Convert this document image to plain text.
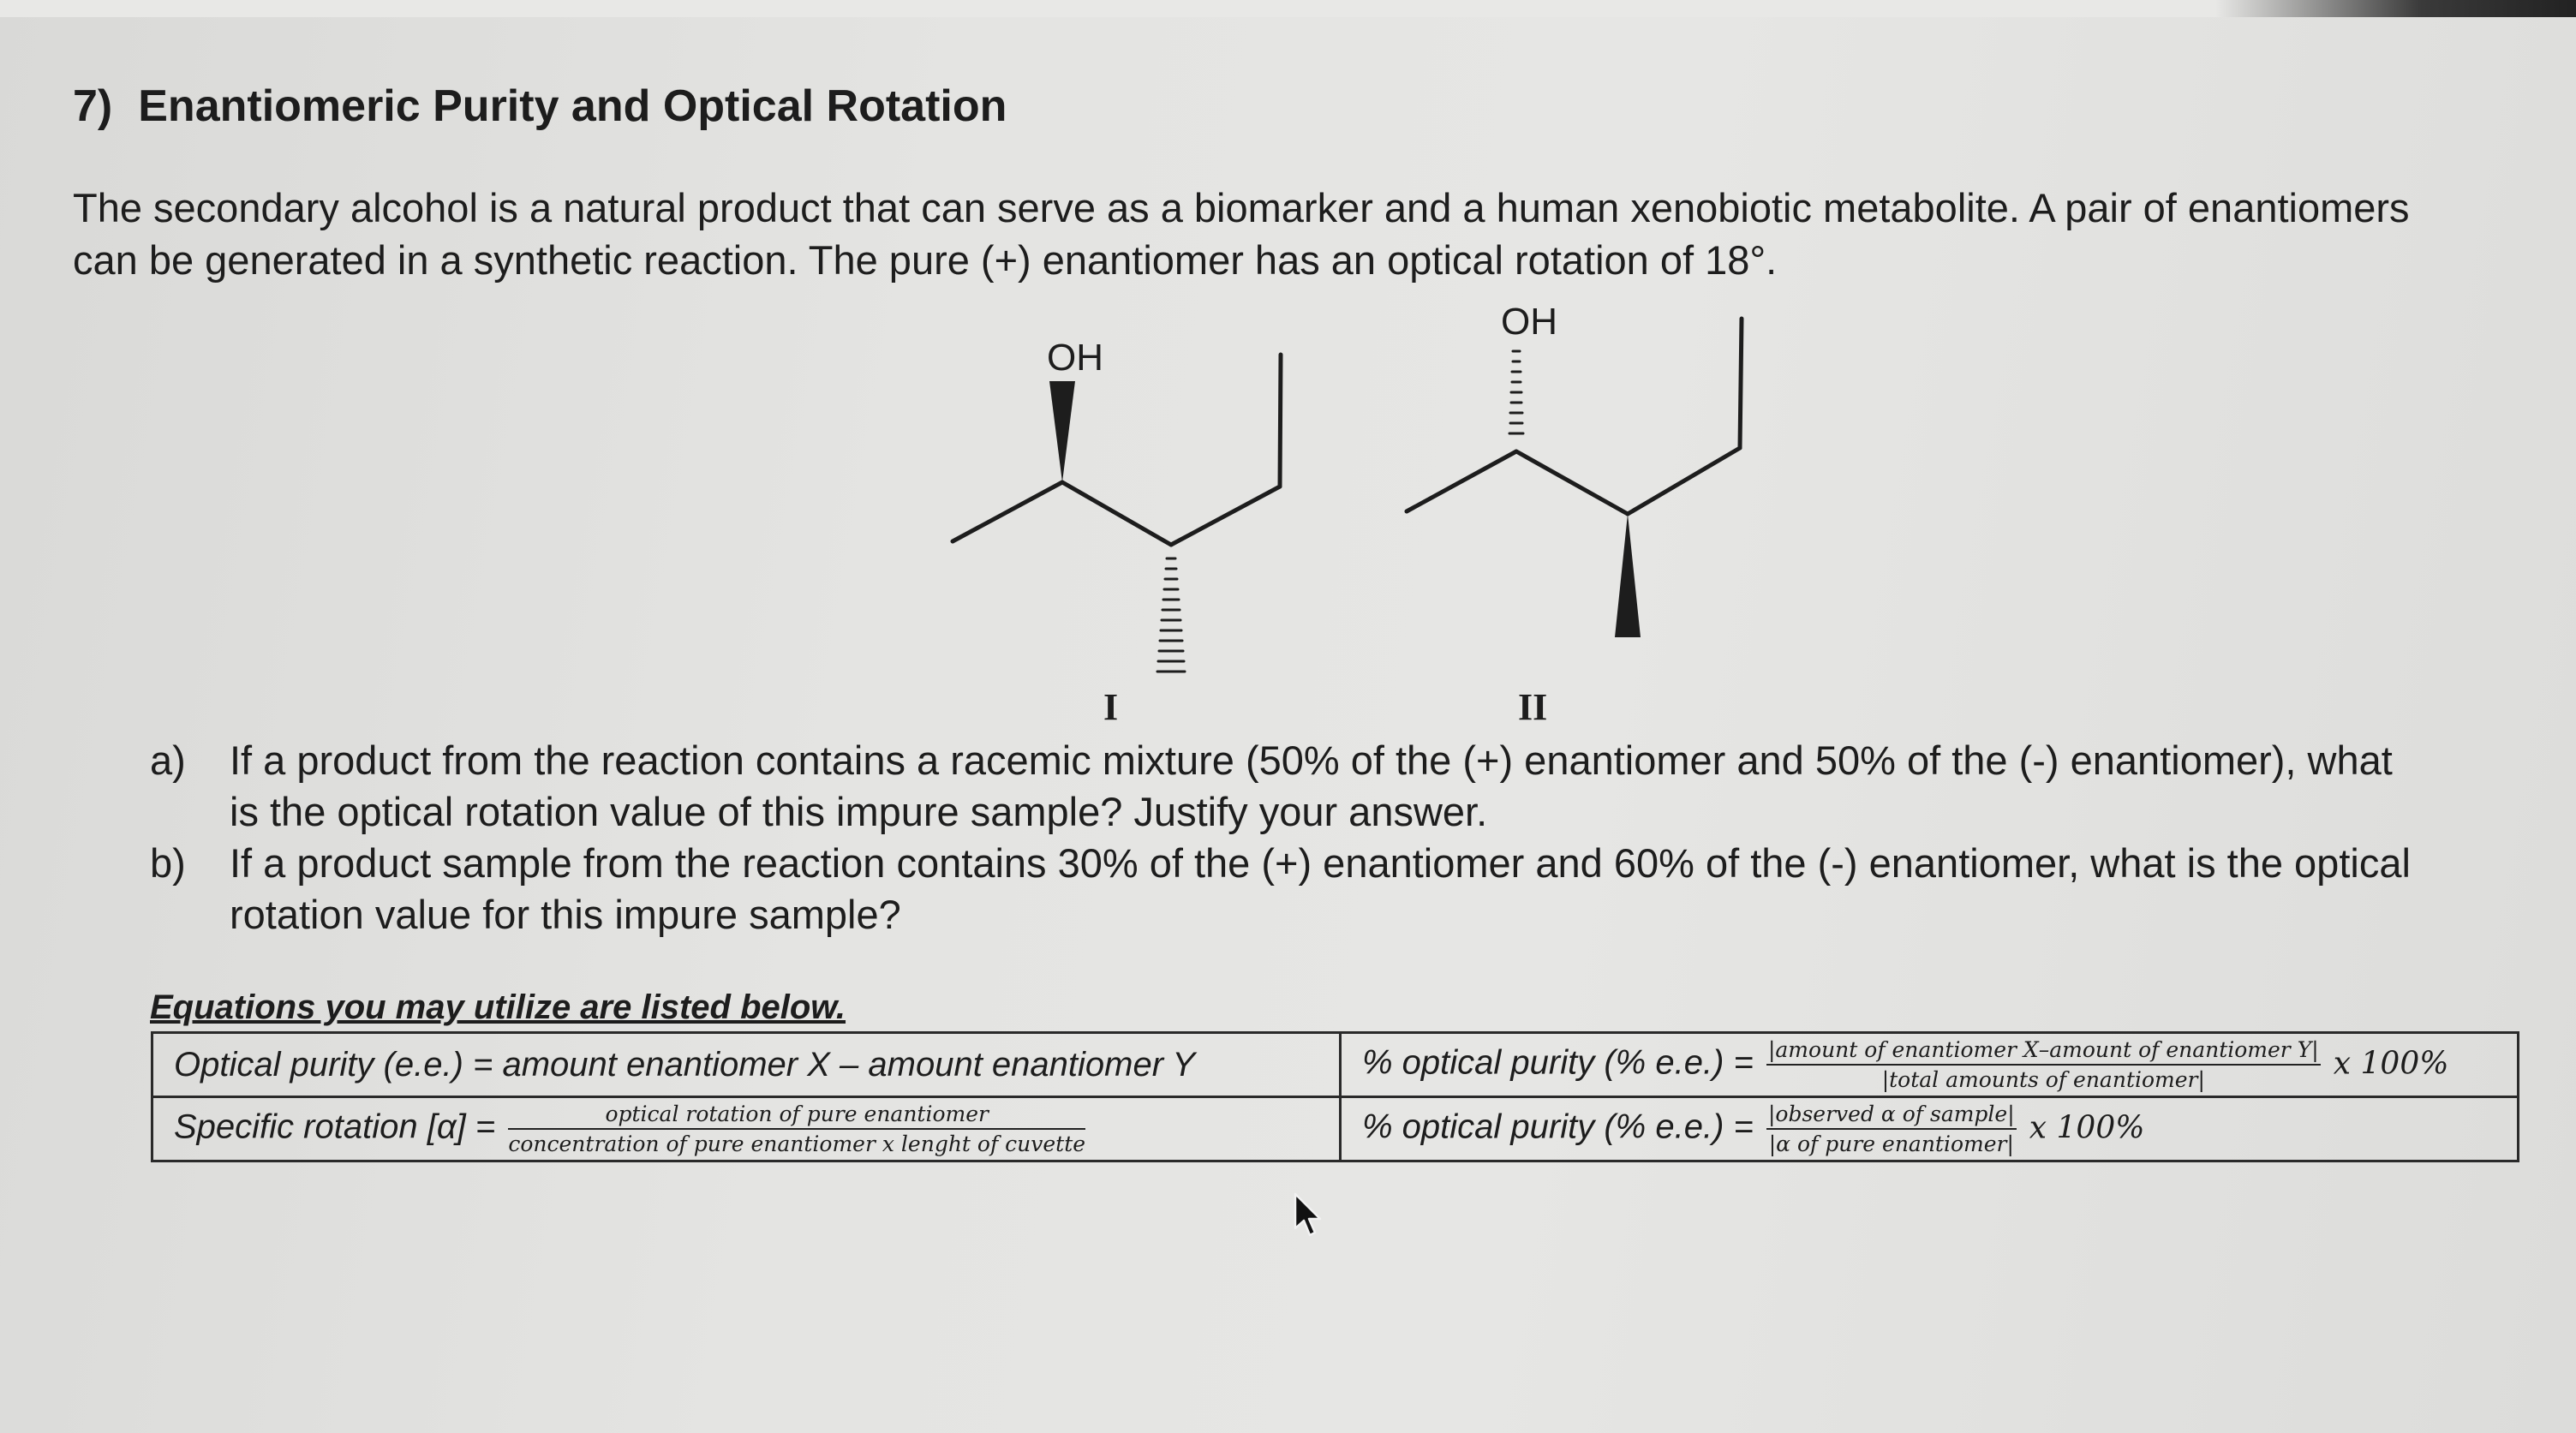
7) Enantiomeric Purity and Optical Rotation
The secondary alcohol is a natural product that can serve as a biomarker and a human xenobiotic metabolite. A pair of enantiomers
can be generated in a synthetic reaction. The pure (+) enantiomer has an optical rotation of 18°.
OH
OH
I	II
a) If a product from the reaction contains a racemic mixture (50% of the (+) enantiomer and 50% of the (-) enantiomer), what
is the optical rotation value of this impure sample? Justify your answer.
b) If a product sample from the reaction contains 30% of the (+) enantiomer and 60% of the (-) enantiomer, what is the optical
rotation value for this impure sample?
Equations you may utilize are listed below.
Optical purity (e.e.) = amount enantiomer X – amount enantiomer Y	% optical purity (% $e.e.) = \frac{\text{|amount of enantiomer X–amount of enantiomer Y|}}{\text{|total amounts of enantiomer|}}$ x 100%
Specific rotation $[\alpha] = \frac{\text{optical rotation of pure enantiomer}}{\text{concentration of pure enantiomer x lenght of cuvette}}$	% optical purity (% $e.e.) = \frac{\text{|observed α of sample|}}{\text{|α of pure enantiomer|}}$ x 100%
